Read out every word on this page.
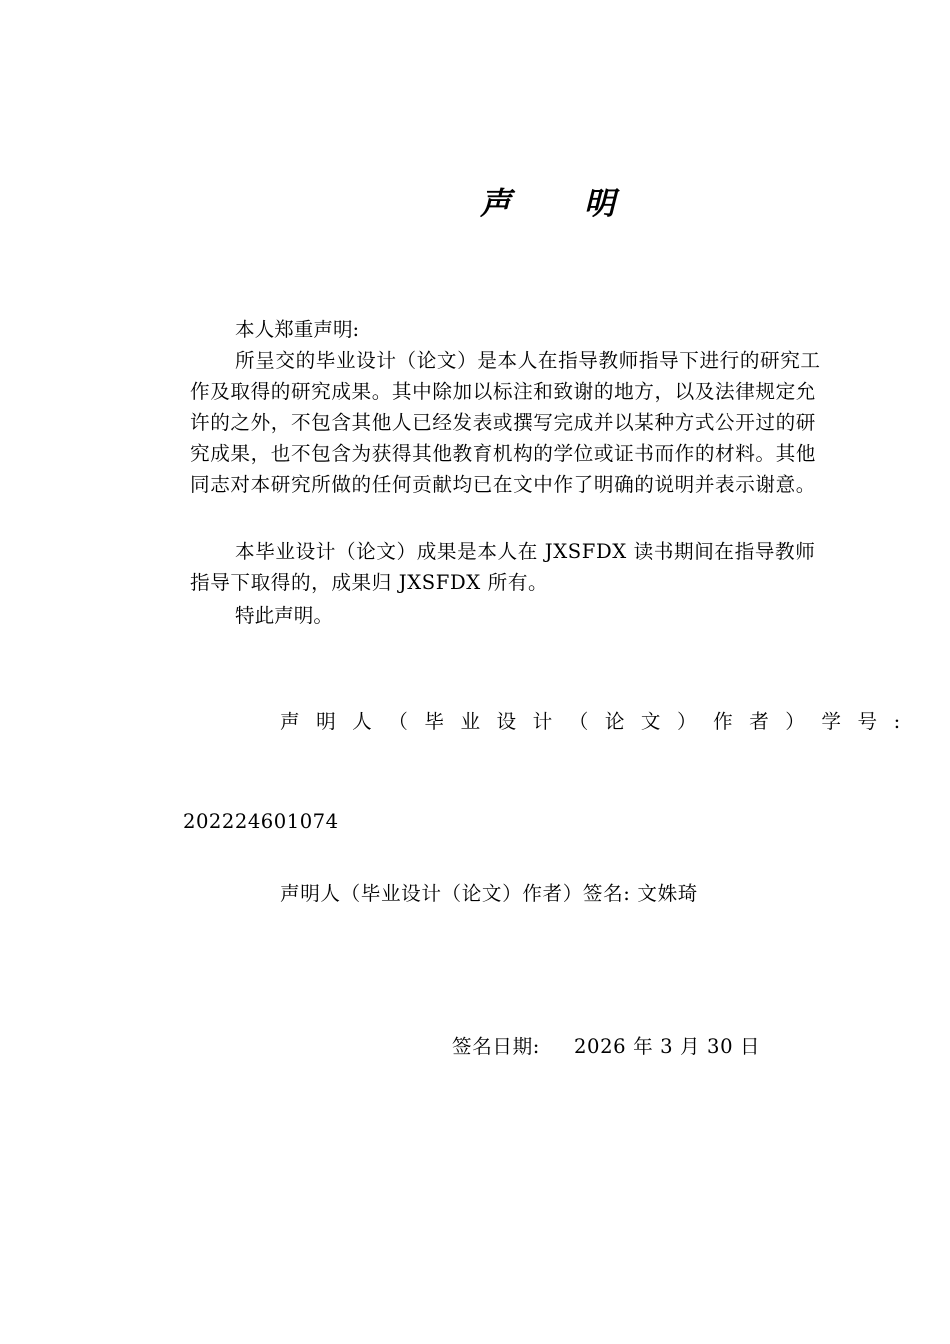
声 明
本人郑重声明:
所呈交的毕业设计（论文）是本人在指导教师指导下进行的研究工作及取得的研究成果。其中除加以标注和致谢的地方，以及法律规定允许的之外，不包含其他人已经发表或撰写完成并以某种方式公开过的研究成果，也不包含为获得其他教育机构的学位或证书而作的材料。其他同志对本研究所做的任何贡献均已在文中作了明确的说明并表示谢意。
本毕业设计（论文）成果是本人在 JXSFDX 读书期间在指导教师指导下取得的，成果归 JXSFDX 所有。
特此声明。
声明人（毕业设计（论文）作者）学号:
202224601074
声明人（毕业设计（论文）作者）签名: 文姝琦
签名日期: 2026 年 3 月 30 日
